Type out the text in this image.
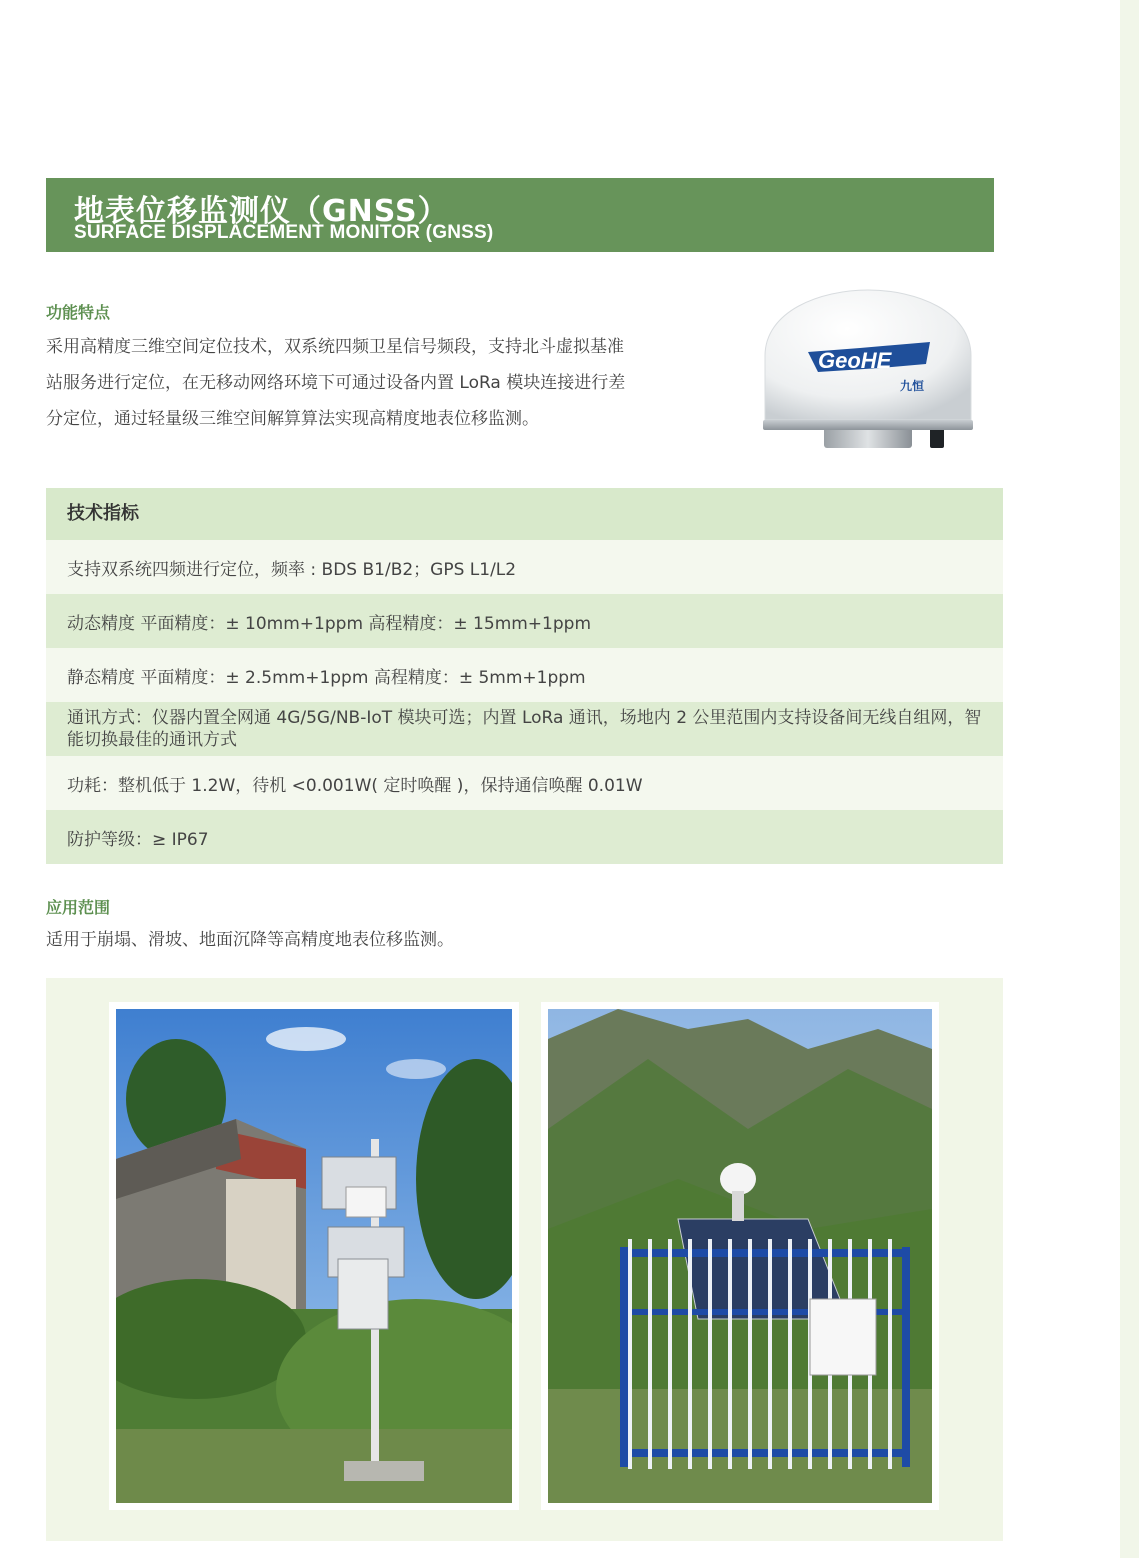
地表位移监测仪（GNSS）
SURFACE DISPLACEMENT MONITOR (GNSS)
功能特点
采用高精度三维空间定位技术，双系统四频卫星信号频段，支持北斗虚拟基准
站服务进行定位，在无移动网络环境下可通过设备内置 LoRa 模块连接进行差
分定位，通过轻量级三维空间解算算法实现高精度地表位移监测。
GeoHE
九恒
技术指标
支持双系统四频进行定位，频率 : BDS B1/B2；GPS L1/L2
动态精度 平面精度：± 10mm+1ppm 高程精度：± 15mm+1ppm
静态精度 平面精度：± 2.5mm+1ppm 高程精度：± 5mm+1ppm
通讯方式：仪器内置全网通 4G/5G/NB-IoT 模块可选；内置 LoRa 通讯，场地内 2 公里范围内支持设备间无线自组网，智能切换最佳的通讯方式
功耗：整机低于 1.2W，待机 <0.001W( 定时唤醒 )，保持通信唤醒 0.01W
防护等级：≥ IP67
应用范围
适用于崩塌、滑坡、地面沉降等高精度地表位移监测。
